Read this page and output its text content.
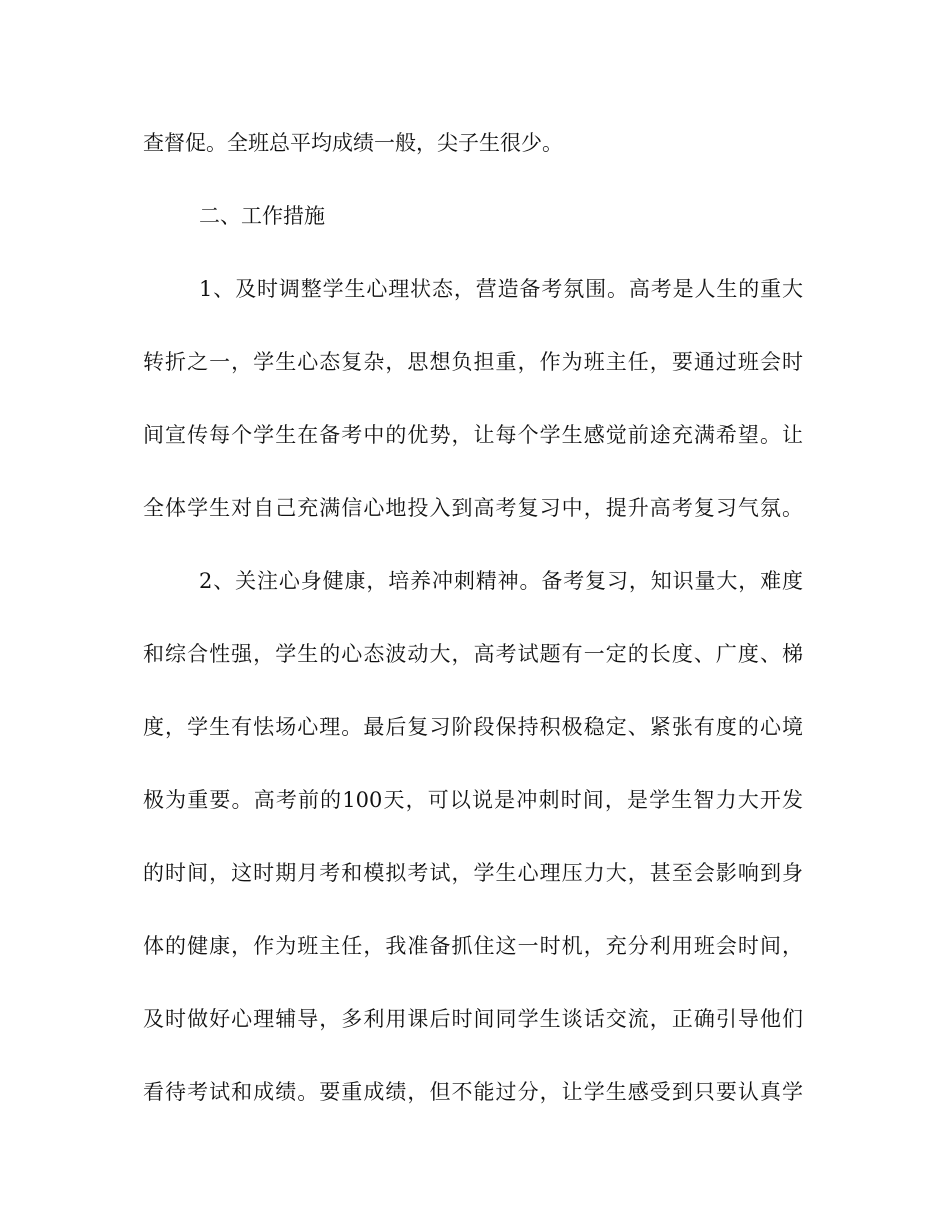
查督促。全班总平均成绩一般，尖子生很少。
二、工作措施
1、及时调整学生心理状态，营造备考氛围。高考是人生的重大
转折之一，学生心态复杂，思想负担重，作为班主任，要通过班会时
间宣传每个学生在备考中的优势，让每个学生感觉前途充满希望。让
全体学生对自己充满信心地投入到高考复习中，提升高考复习气氛。
2、关注心身健康，培养冲刺精神。备考复习，知识量大，难度
和综合性强，学生的心态波动大，高考试题有一定的长度、广度、梯
度，学生有怯场心理。最后复习阶段保持积极稳定、紧张有度的心境
极为重要。高考前的100天，可以说是冲刺时间，是学生智力大开发
的时间，这时期月考和模拟考试，学生心理压力大，甚至会影响到身
体的健康，作为班主任，我准备抓住这一时机，充分利用班会时间，
及时做好心理辅导，多利用课后时间同学生谈话交流，正确引导他们
看待考试和成绩。要重成绩，但不能过分，让学生感受到只要认真学
